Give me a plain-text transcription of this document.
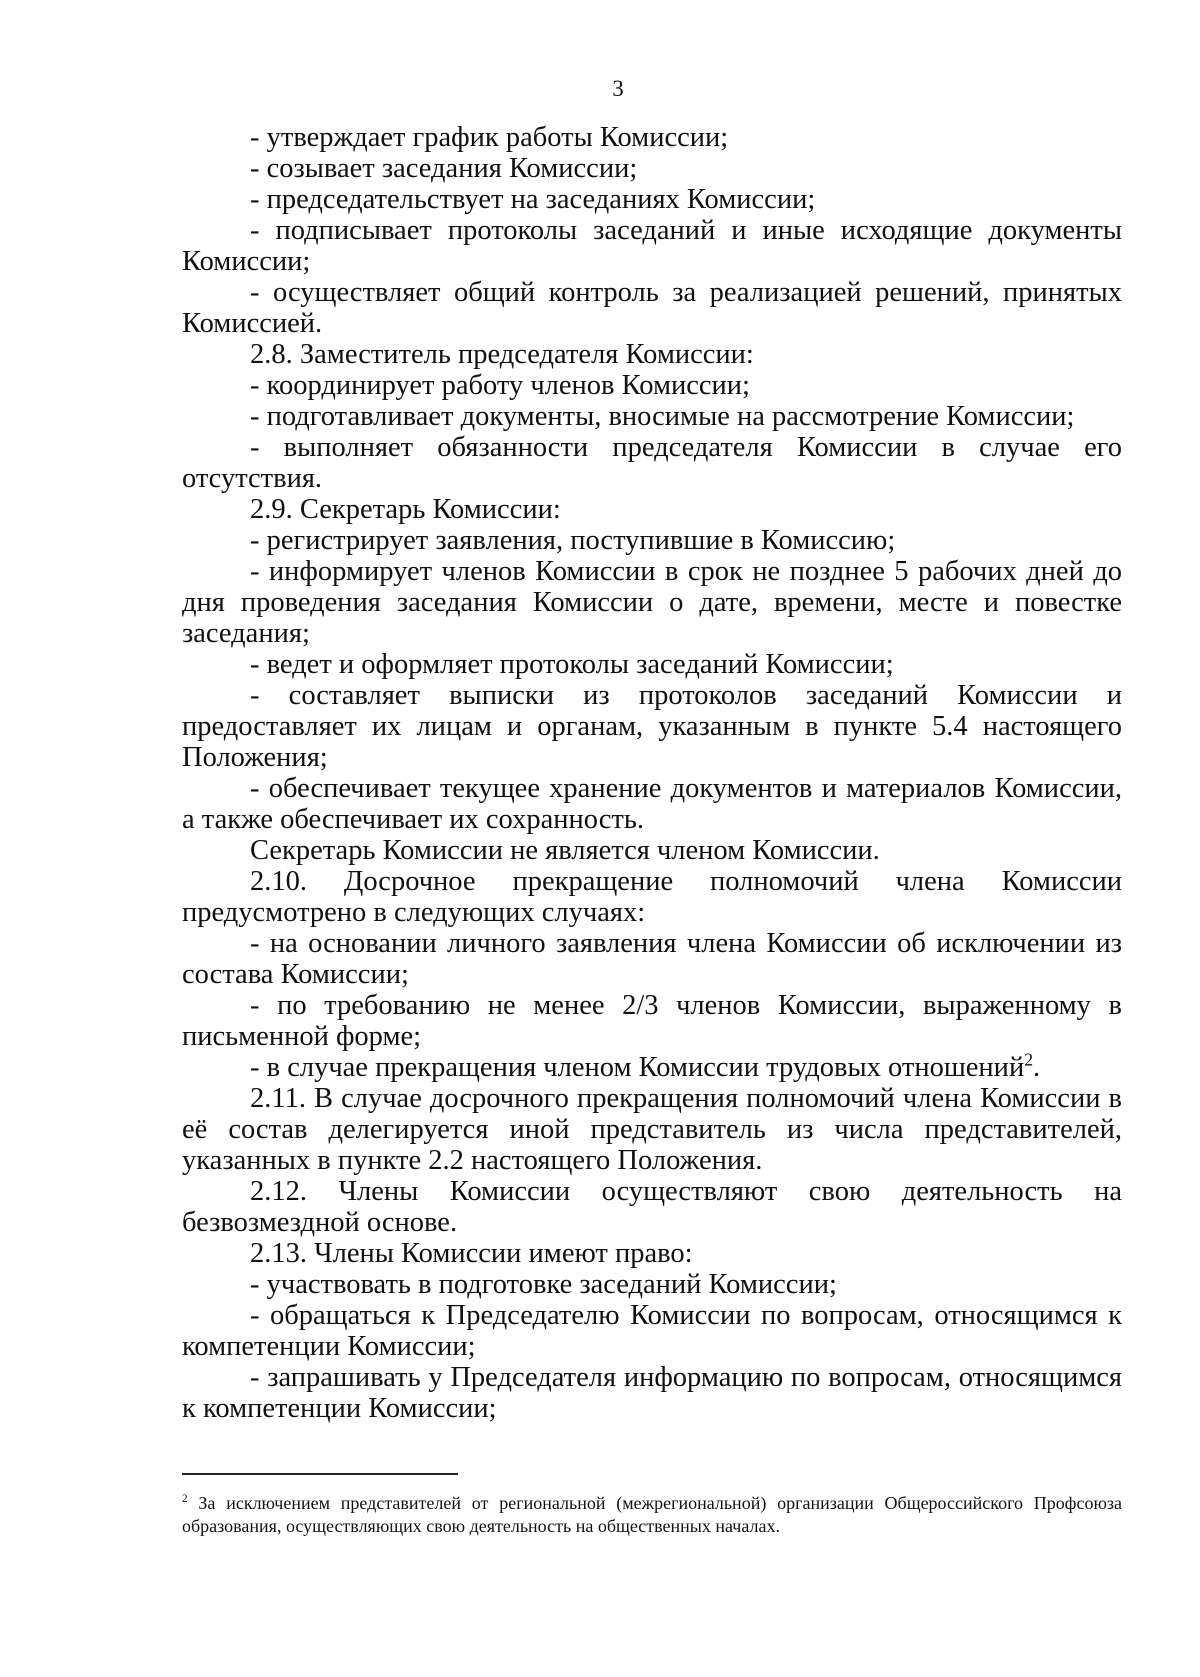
3

- утверждает график работы Комиссии;

- созывает заседания Комиссии;

- председательствует на заседаниях Комиссии;

- подписывает протоколы заседаний и иные исходящие документы Комиссии;

- осуществляет общий контроль за реализацией решений, принятых Комиссией.

2.8. Заместитель председателя Комиссии:

- координирует работу членов Комиссии;

- подготавливает документы, вносимые на рассмотрение Комиссии;

- выполняет обязанности председателя Комиссии в случае его отсутствия.

2.9. Секретарь Комиссии:

- регистрирует заявления, поступившие в Комиссию;

- информирует членов Комиссии в срок не позднее 5 рабочих дней до дня проведения заседания Комиссии о дате, времени, месте и повестке заседания;

- ведет и оформляет протоколы заседаний Комиссии;

- составляет выписки из протоколов заседаний Комиссии и предоставляет их лицам и органам, указанным в пункте 5.4 настоящего Положения;

- обеспечивает текущее хранение документов и материалов Комиссии, а также обеспечивает их сохранность.

Секретарь Комиссии не является членом Комиссии.

2.10. Досрочное прекращение полномочий члена Комиссии предусмотрено в следующих случаях:

- на основании личного заявления члена Комиссии об исключении из состава Комиссии;

- по требованию не менее 2/3 членов Комиссии, выраженному в письменной форме;

- в случае прекращения членом Комиссии трудовых отношений$^2$.

2.11. В случае досрочного прекращения полномочий члена Комиссии в её состав делегируется иной представитель из числа представителей, указанных в пункте 2.2 настоящего Положения.

2.12. Члены Комиссии осуществляют свою деятельность на безвозмездной основе.

2.13. Члены Комиссии имеют право:

- участвовать в подготовке заседаний Комиссии;

- обращаться к Председателю Комиссии по вопросам, относящимся к компетенции Комиссии;

- запрашивать у Председателя информацию по вопросам, относящимся к компетенции Комиссии;

$^2$ За исключением представителей от региональной (межрегиональной) организации Общероссийского Профсоюза образования, осуществляющих свою деятельность на общественных началах.
